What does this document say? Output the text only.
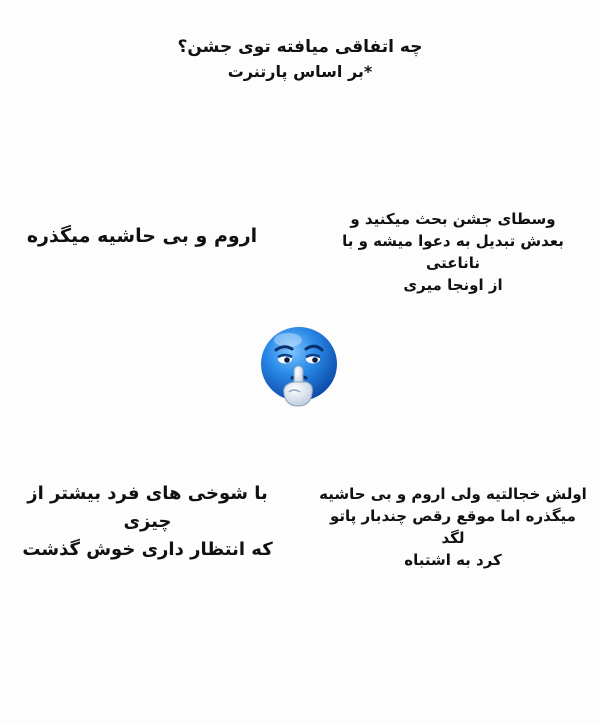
چه اتفاقی میافته توی جشن؟
*بر اساس پارتنرت

وسطای جشن بحث میکنید و

بعدش تبدیل به دعوا میشه و با ناناعتی

از اونجا میری

اروم و بی حاشیه میگذره

با شوخی های فرد بیشتر از چیزی

که انتظار داری خوش گذشت

اولش خجالتیه ولی اروم و بی حاشیه

میگذره اما موقع رقص چندبار پاتو لگد

کرد به اشتباه
